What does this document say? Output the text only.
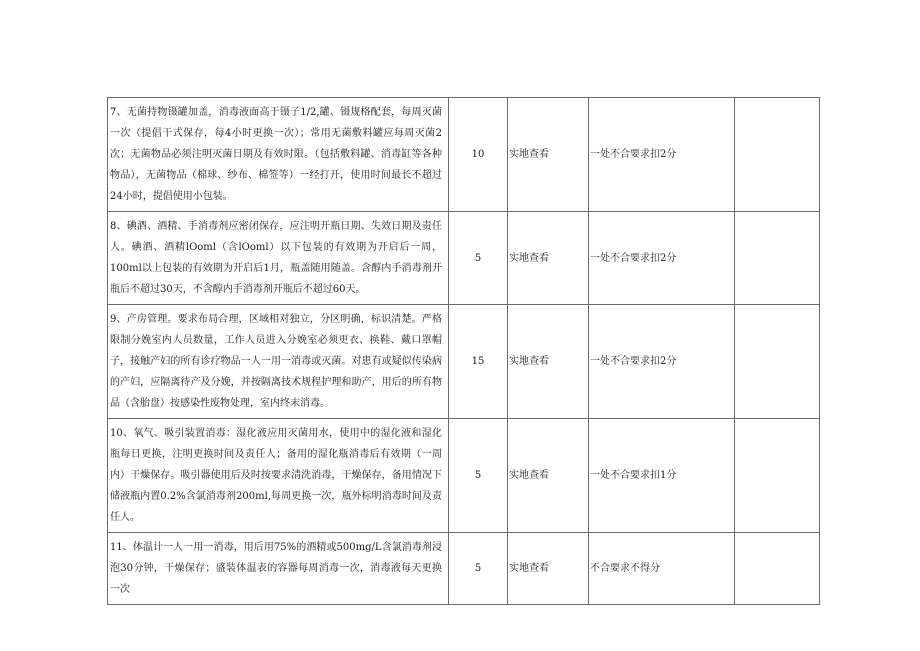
7、无菌持物镊罐加盖，消毒液面高于镊子1/2,罐、镊规格配套，每周灭菌一次（提倡干式保存，每4小时更换一次）；常用无菌敷料罐应每周灭菌2次；无菌物品必须注明灭菌日期及有效时限。（包括敷料罐、消毒缸等各种物品），无菌物品（棉球、纱布、棉签等）一经打开，使用时间最长不超过24小时，提倡使用小包装。	10	实地查看	一处不合要求扣2分	
8、碘酒、酒精、手消毒剂应密闭保存，应注明开瓶日期、失效日期及责任人。碘酒、酒精lOoml（含lOoml）以下包装的有效期为开启后一周，100ml以上包装的有效期为开启后1月，瓶盖随用随盖。含醇内手消毒剂开瓶后不超过30天，不含醇内手消毒剂开瓶后不超过60天。	5	实地查看	一处不合要求扣2分	
9、产房管理。要求布局合理，区域相对独立，分区明确，标识清楚。严格限制分娩室内人员数量，工作人员进入分娩室必须更衣、换鞋、戴口罩帽子，接触产妇的所有诊疗物品一人一用一消毒或灭菌。对患有或疑似传染病的产妇，应隔离待产及分娩，并按隔离技术规程护理和助产，用后的所有物品（含胎盘）按感染性废物处理，室内终末消毒。	15	实地查看	一处不合要求扣2分	
10、氧气、吸引装置消毒：湿化液应用灭菌用水，使用中的湿化液和湿化瓶每日更换，注明更换时间及责任人；备用的湿化瓶消毒后有效期（一周内）干燥保存。吸引器使用后及时按要求清洗消毒，干燥保存，备用情况下储液瓶内置0.2%含氯消毒剂200ml,每周更换一次，瓶外标明消毒时间及责任人。	5	实地查看	一处不合要求扣1分	
11、体温计一人一用一消毒，用后用75%的酒精或500mg/L含氯消毒剂浸泡30分钟，干燥保存；盛装体温表的容器每周消毒一次，消毒液每天更换一次	5	实地查看	不合要求不得分	
